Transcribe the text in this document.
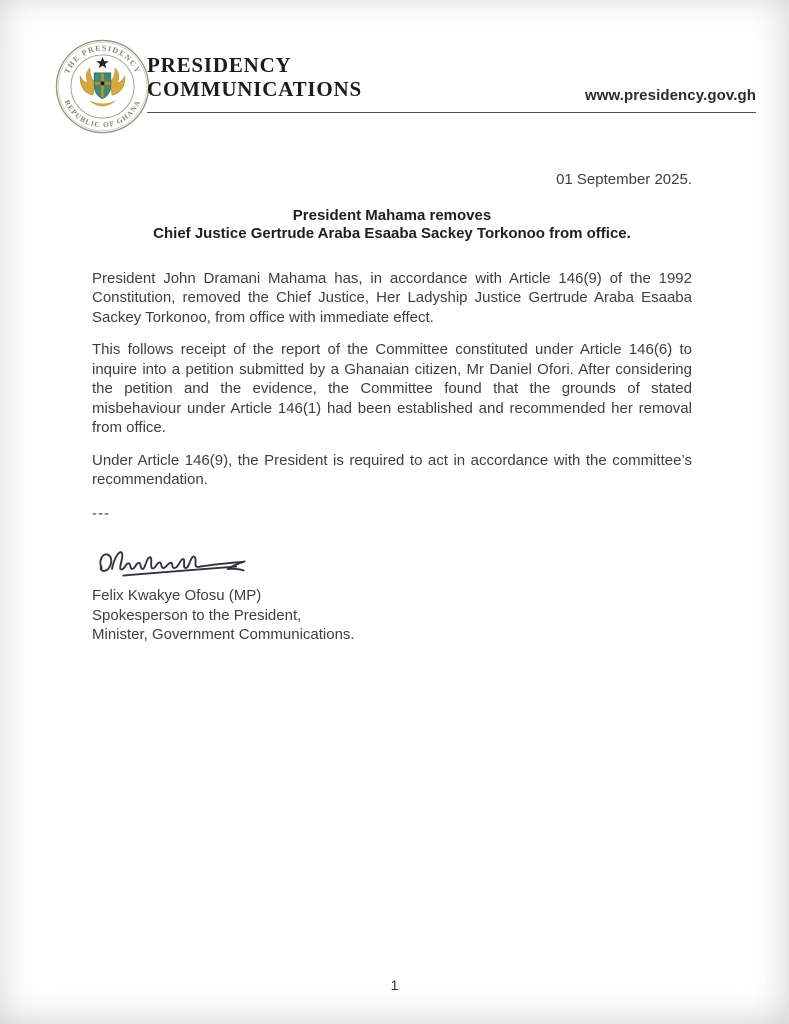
THE PRESIDENCY
REPUBLIC OF GHANA
PRESIDENCY
COMMUNICATIONS	www.presidency.gov.gh
01 September 2025.
President Mahama removes
Chief Justice Gertrude Araba Esaaba Sackey Torkonoo from office.

President John Dramani Mahama has, in accordance with Article 146(9) of the 1992 Constitution, removed the Chief Justice, Her Ladyship Justice Gertrude Araba Esaaba Sackey Torkonoo, from office with immediate effect.

This follows receipt of the report of the Committee constituted under Article 146(6) to inquire into a petition submitted by a Ghanaian citizen, Mr Daniel Ofori. After considering the petition and the evidence, the Committee found that the grounds of stated misbehaviour under Article 146(1) had been established and recommended her removal from office.

Under Article 146(9), the President is required to act in accordance with the committee’s recommendation.

---
Felix Kwakye Ofosu (MP)
Spokesperson to the President,
Minister, Government Communications.
1
